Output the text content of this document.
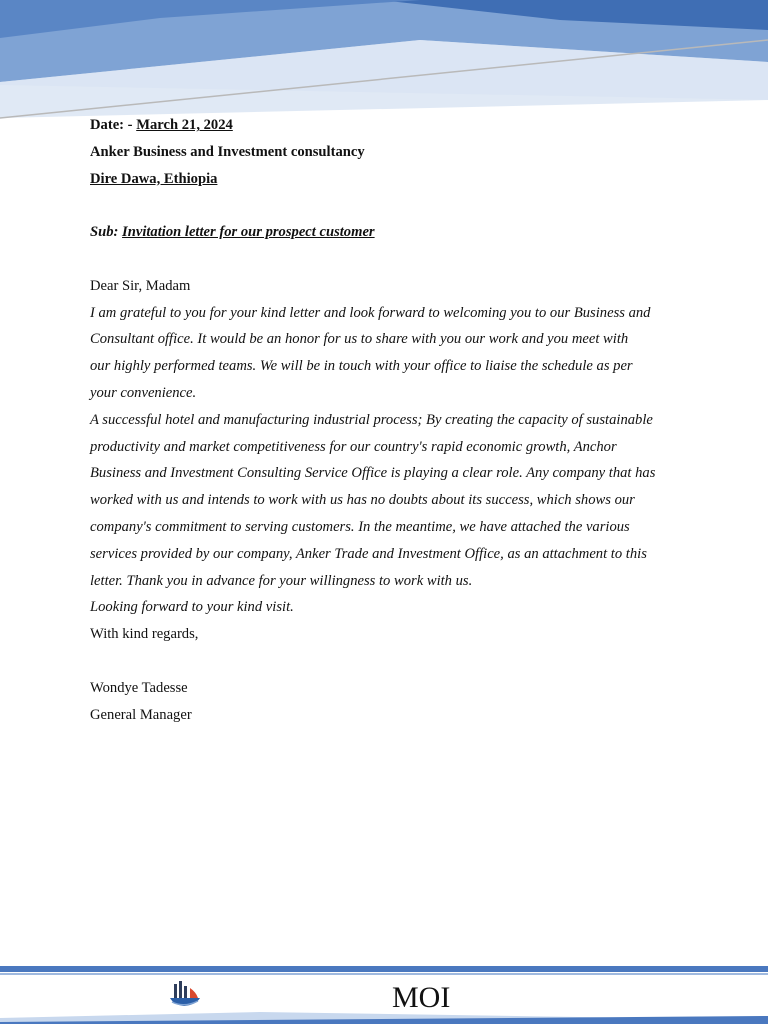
Date: - March 21, 2024
Anker Business and Investment consultancy
Dire Dawa, Ethiopia
Sub: Invitation letter for our prospect customer
Dear Sir, Madam
I am grateful to you for your kind letter and look forward to welcoming you to our Business and
Consultant office. It would be an honor for us to share with you our work and you meet with
our highly performed teams. We will be in touch with your office to liaise the schedule as per
your convenience.
A successful hotel and manufacturing industrial process; By creating the capacity of sustainable
productivity and market competitiveness for our country's rapid economic growth, Anchor
Business and Investment Consulting Service Office is playing a clear role. Any company that has
worked with us and intends to work with us has no doubts about its success, which shows our
company's commitment to serving customers. In the meantime, we have attached the various
services provided by our company, Anker Trade and Investment Office, as an attachment to this
letter. Thank you in advance for your willingness to work with us.
Looking forward to your kind visit.
With kind regards,
Wondye Tadesse
General Manager
MOI
